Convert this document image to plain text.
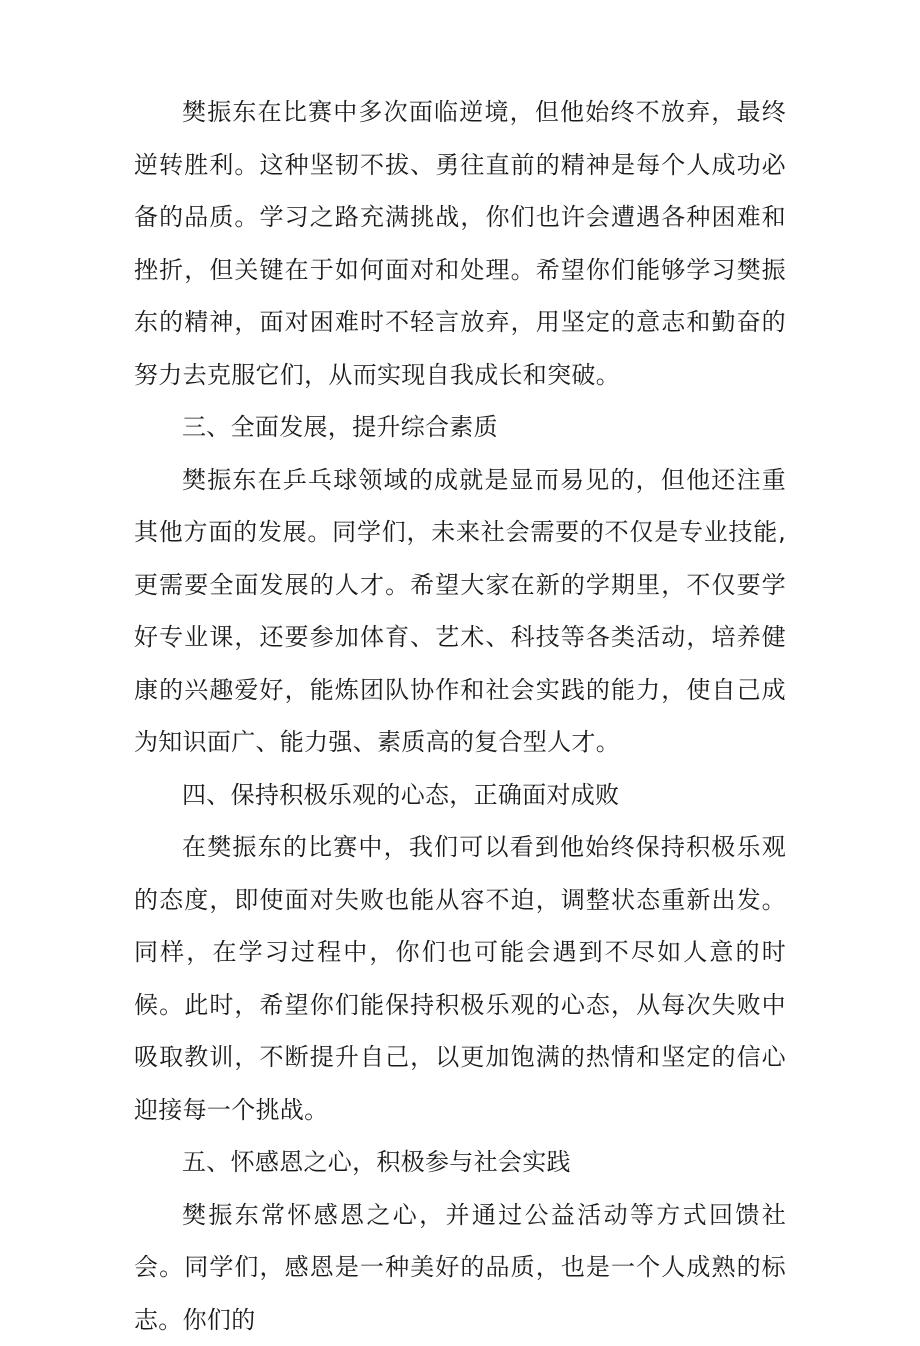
樊振东在比赛中多次面临逆境，但他始终不放弃，最终逆转胜利。这种坚韧不拔、勇往直前的精神是每个人成功必备的品质。学习之路充满挑战，你们也许会遭遇各种困难和挫折，但关键在于如何面对和处理。希望你们能够学习樊振东的精神，面对困难时不轻言放弃，用坚定的意志和勤奋的努力去克服它们，从而实现自我成长和突破。

三、全面发展，提升综合素质

樊振东在乒乓球领域的成就是显而易见的，但他还注重其他方面的发展。同学们，未来社会需要的不仅是专业技能,更需要全面发展的人才。希望大家在新的学期里，不仅要学好专业课，还要参加体育、艺术、科技等各类活动，培养健康的兴趣爱好，能炼团队协作和社会实践的能力，使自己成为知识面广、能力强、素质高的复合型人才。

四、保持积极乐观的心态，正确面对成败

在樊振东的比赛中，我们可以看到他始终保持积极乐观的态度，即使面对失败也能从容不迫，调整状态重新出发。同样，在学习过程中，你们也可能会遇到不尽如人意的时候。此时，希望你们能保持积极乐观的心态，从每次失败中吸取教训，不断提升自己，以更加饱满的热情和坚定的信心迎接每一个挑战。

五、怀感恩之心，积极参与社会实践

樊振东常怀感恩之心，并通过公益活动等方式回馈社会。同学们，感恩是一种美好的品质，也是一个人成熟的标志。你们的
